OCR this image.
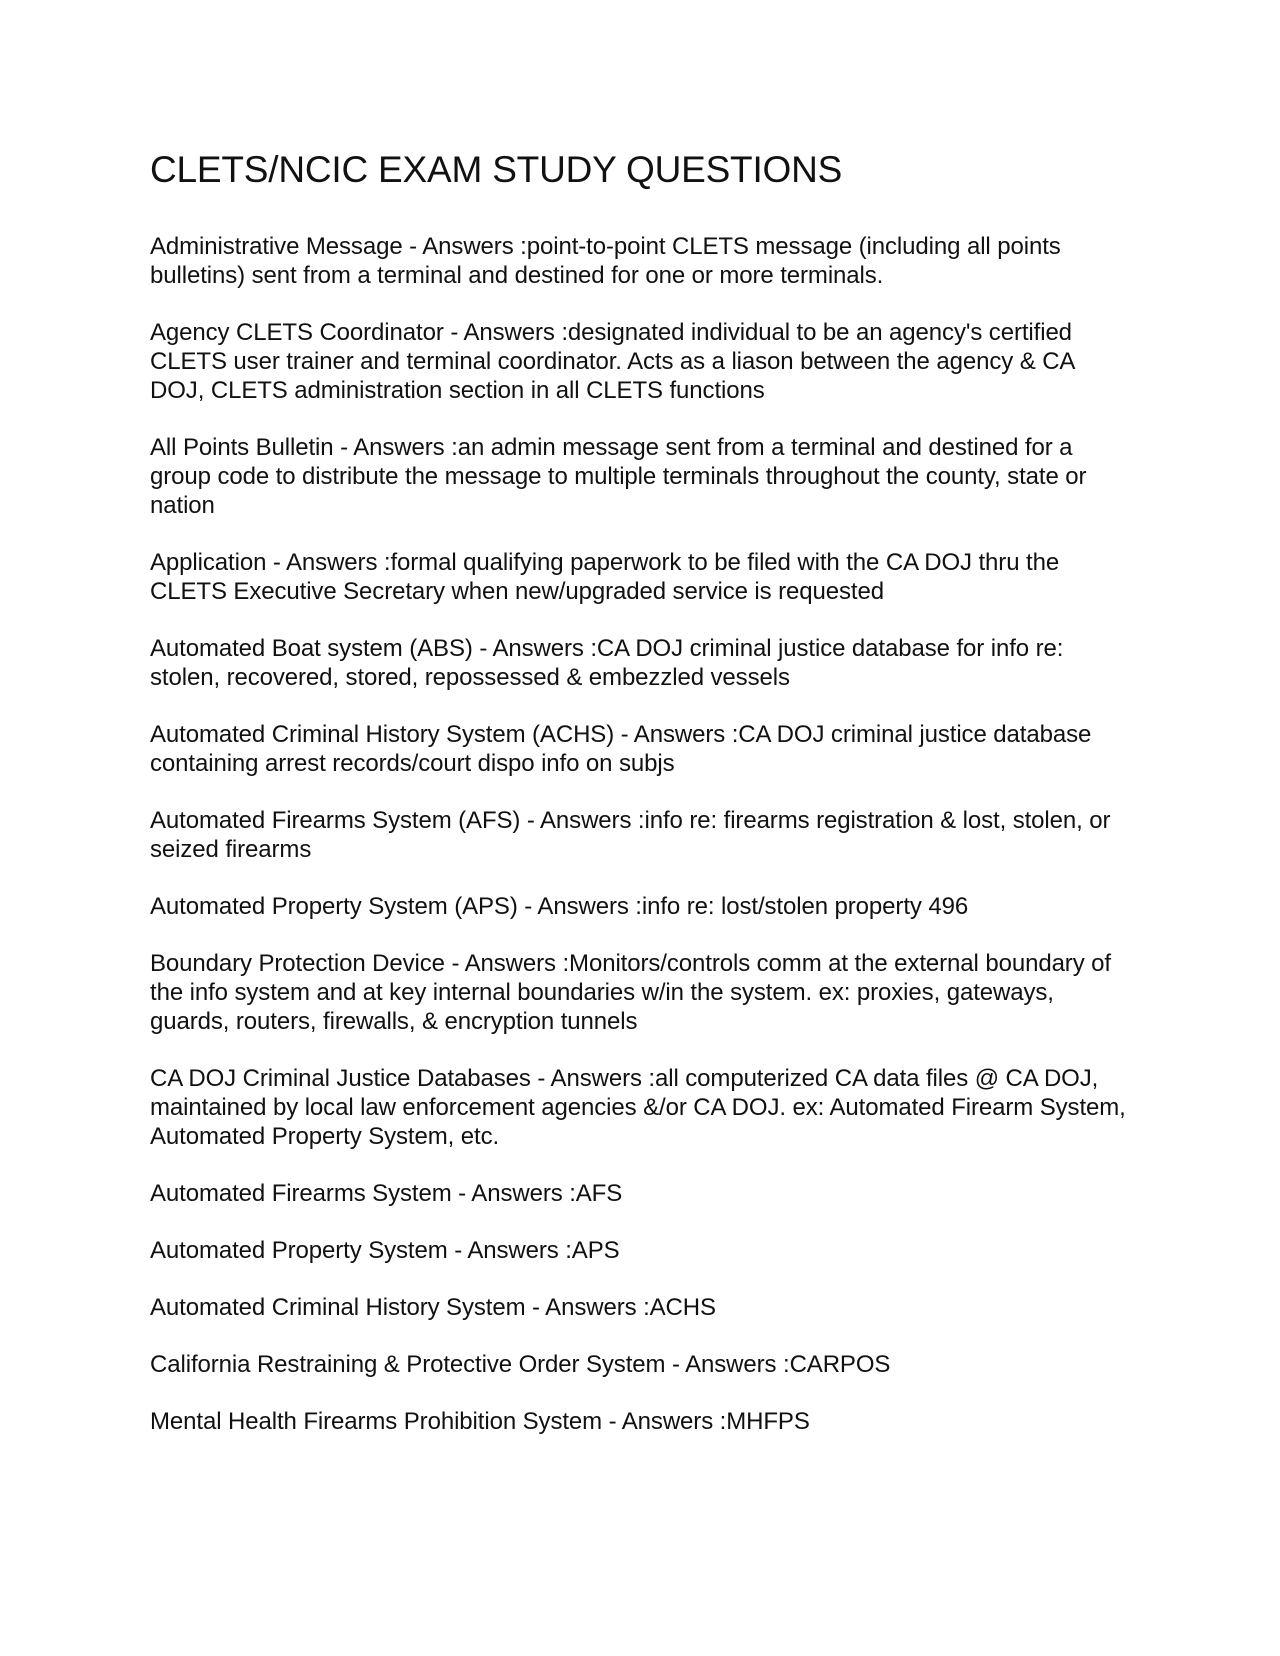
CLETS/NCIC EXAM STUDY QUESTIONS
Administrative Message - Answers :point-to-point CLETS message (including all points bulletins) sent from a terminal and destined for one or more terminals.
Agency CLETS Coordinator - Answers :designated individual to be an agency's certified CLETS user trainer and terminal coordinator. Acts as a liason between the agency & CA DOJ, CLETS administration section in all CLETS functions
All Points Bulletin - Answers :an admin message sent from a terminal and destined for a group code to distribute the message to multiple terminals throughout the county, state or nation
Application - Answers :formal qualifying paperwork to be filed with the CA DOJ thru the CLETS Executive Secretary when new/upgraded service is requested
Automated Boat system (ABS) - Answers :CA DOJ criminal justice database for info re: stolen, recovered, stored, repossessed & embezzled vessels
Automated Criminal History System (ACHS) - Answers :CA DOJ criminal justice database containing arrest records/court dispo info on subjs
Automated Firearms System (AFS) - Answers :info re: firearms registration & lost, stolen, or seized firearms
Automated Property System (APS) - Answers :info re: lost/stolen property 496
Boundary Protection Device - Answers :Monitors/controls comm at the external boundary of the info system and at key internal boundaries w/in the system. ex: proxies, gateways, guards, routers, firewalls, & encryption tunnels
CA DOJ Criminal Justice Databases - Answers :all computerized CA data files @ CA DOJ, maintained by local law enforcement agencies &/or CA DOJ. ex: Automated Firearm System, Automated Property System, etc.
Automated Firearms System - Answers :AFS
Automated Property System - Answers :APS
Automated Criminal History System - Answers :ACHS
California Restraining & Protective Order System - Answers :CARPOS
Mental Health Firearms Prohibition System - Answers :MHFPS
